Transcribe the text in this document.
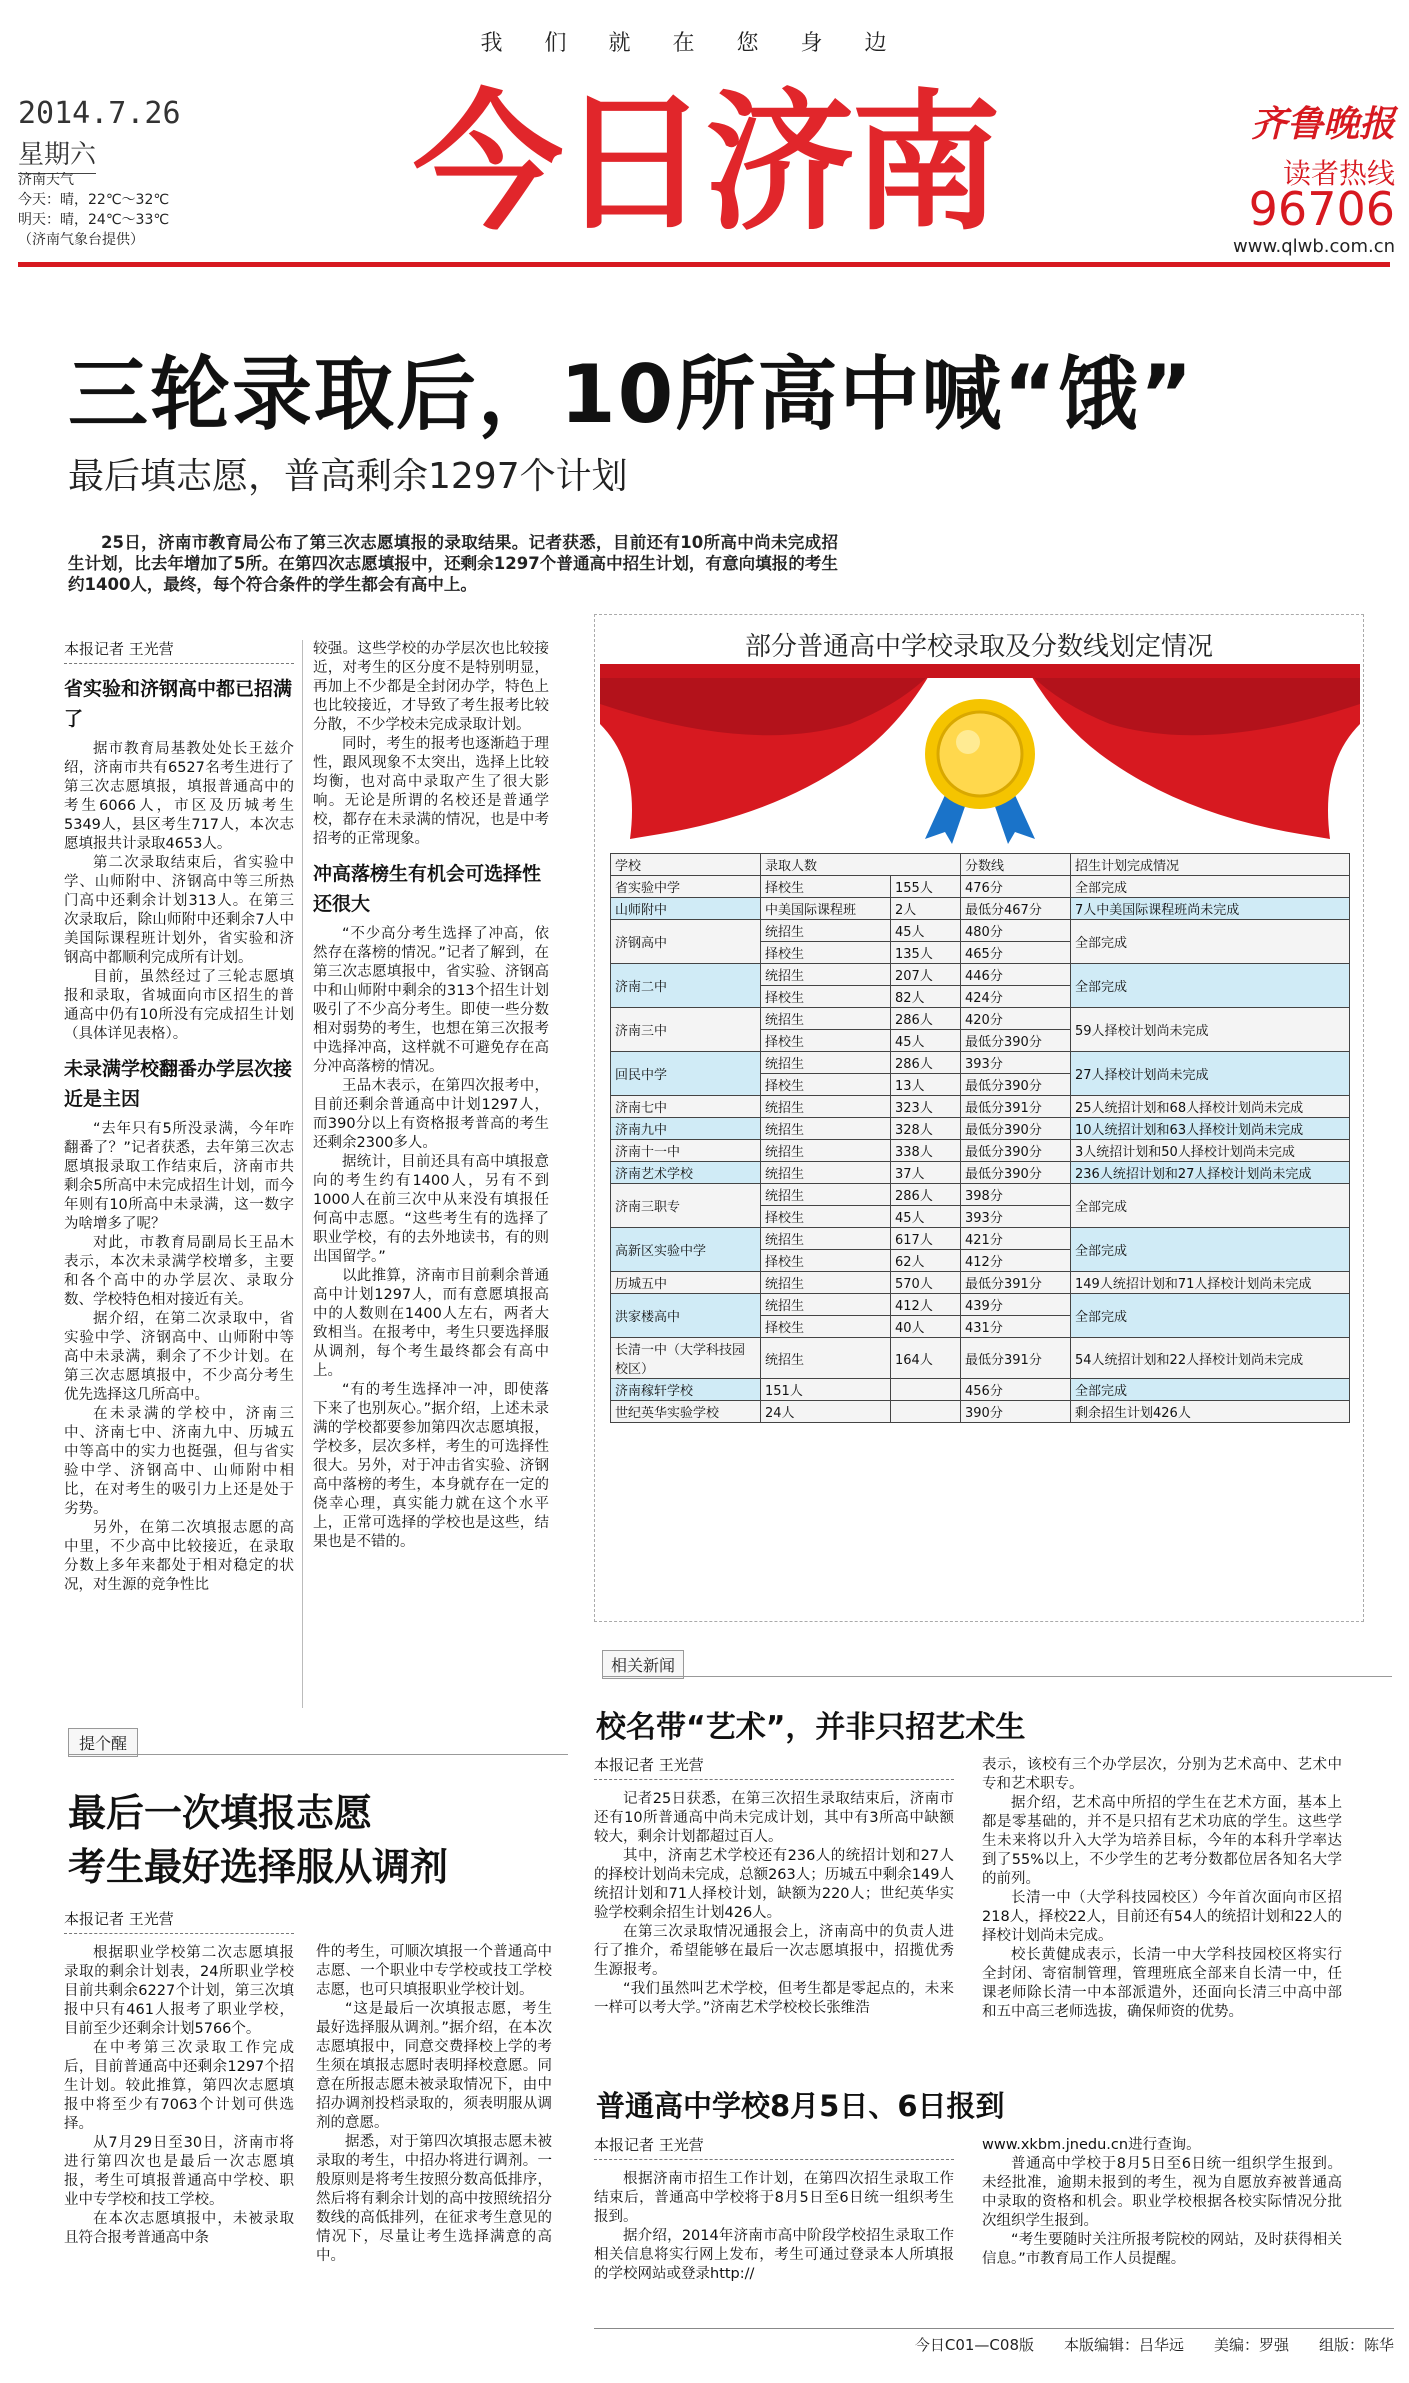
我们就在您身边
2014.7.26
星期六
济南天气
今天：晴，22℃～32℃
明天：晴，24℃～33℃
（济南气象台提供）	今日济南	齐鲁晚报
读者热线
96706
www.qlwb.com.cn
三轮录取后，10所高中喊“饿”
最后填志愿，普高剩余1297个计划

25日，济南市教育局公布了第三次志愿填报的录取结果。记者获悉，目前还有10所高中尚未完成招生计划，比去年增加了5所。在第四次志愿填报中，还剩余1297个普通高中招生计划，有意向填报的考生约1400人，最终，每个符合条件的学生都会有高中上。

本报记者 王光营
省实验和济钢高中都已招满了

据市教育局基教处处长王兹介绍，济南市共有6527名考生进行了第三次志愿填报，填报普通高中的考生6066人，市区及历城考生5349人，县区考生717人，本次志愿填报共计录取4653人。

第二次录取结束后，省实验中学、山师附中、济钢高中等三所热门高中还剩余计划313人。在第三次录取后，除山师附中还剩余7人中美国际课程班计划外，省实验和济钢高中都顺利完成所有计划。

目前，虽然经过了三轮志愿填报和录取，省城面向市区招生的普通高中仍有10所没有完成招生计划（具体详见表格）。

未录满学校翻番办学层次接近是主因

“去年只有5所没录满，今年咋翻番了？”记者获悉，去年第三次志愿填报录取工作结束后，济南市共剩余5所高中未完成招生计划，而今年则有10所高中未录满，这一数字为啥增多了呢？

对此，市教育局副局长王品木表示，本次未录满学校增多，主要和各个高中的办学层次、录取分数、学校特色相对接近有关。

据介绍，在第二次录取中，省实验中学、济钢高中、山师附中等高中未录满，剩余了不少计划。在第三次志愿填报中，不少高分考生优先选择这几所高中。

在未录满的学校中，济南三中、济南七中、济南九中、历城五中等高中的实力也挺强，但与省实验中学、济钢高中、山师附中相比，在对考生的吸引力上还是处于劣势。

另外，在第二次填报志愿的高中里，不少高中比较接近，在录取分数上多年来都处于相对稳定的状况，对生源的竞争性比

较强。这些学校的办学层次也比较接近，对考生的区分度不是特别明显，再加上不少都是全封闭办学，特色上也比较接近，才导致了考生报考比较分散，不少学校未完成录取计划。

同时，考生的报考也逐渐趋于理性，跟风现象不太突出，选择上比较均衡，也对高中录取产生了很大影响。无论是所谓的名校还是普通学校，都存在未录满的情况，也是中考招考的正常现象。

冲高落榜生有机会可选择性还很大

“不少高分考生选择了冲高，依然存在落榜的情况。”记者了解到，在第三次志愿填报中，省实验、济钢高中和山师附中剩余的313个招生计划吸引了不少高分考生。即使一些分数相对弱势的考生，也想在第三次报考中选择冲高，这样就不可避免存在高分冲高落榜的情况。

王品木表示，在第四次报考中，目前还剩余普通高中计划1297人，而390分以上有资格报考普高的考生还剩余2300多人。

据统计，目前还具有高中填报意向的考生约有1400人，另有不到1000人在前三次中从来没有填报任何高中志愿。“这些考生有的选择了职业学校，有的去外地读书，有的则出国留学。”

以此推算，济南市目前剩余普通高中计划1297人，而有意愿填报高中的人数则在1400人左右，两者大致相当。在报考中，考生只要选择服从调剂，每个考生最终都会有高中上。

“有的考生选择冲一冲，即使落下来了也别灰心。”据介绍，上述未录满的学校都要参加第四次志愿填报，学校多，层次多样，考生的可选择性很大。另外，对于冲击省实验、济钢高中落榜的考生，本身就存在一定的侥幸心理，真实能力就在这个水平上，正常可选择的学校也是这些，结果也是不错的。

部分普通高中学校录取及分数线划定情况
学校	录取人数		分数线	招生计划完成情况
省实验中学	择校生	155人	476分	全部完成
山师附中	中美国际课程班	2人	最低分467分	7人中美国际课程班尚未完成
济钢高中	统招生	45人	480分	全部完成
	择校生	135人	465分	
济南二中	统招生	207人	446分	全部完成
	择校生	82人	424分	
济南三中	统招生	286人	420分	59人择校计划尚未完成
	择校生	45人	最低分390分	
回民中学	统招生	286人	393分	27人择校计划尚未完成
	择校生	13人	最低分390分	
济南七中	统招生	323人	最低分391分	25人统招计划和68人择校计划尚未完成
济南九中	统招生	328人	最低分390分	10人统招计划和63人择校计划尚未完成
济南十一中	统招生	338人	最低分390分	3人统招计划和50人择校计划尚未完成
济南艺术学校	统招生	37人	最低分390分	236人统招计划和27人择校计划尚未完成
济南三职专	统招生	286人	398分	全部完成
	择校生	45人	393分	
高新区实验中学	统招生	617人	421分	全部完成
	择校生	62人	412分	
历城五中	统招生	570人	最低分391分	149人统招计划和71人择校计划尚未完成
洪家楼高中	统招生	412人	439分	全部完成
	择校生	40人	431分	
长清一中（大学科技园校区）	统招生	164人	最低分391分	54人统招计划和22人择校计划尚未完成
济南稼轩学校	151人		456分	全部完成
世纪英华实验学校	24人		390分	剩余招生计划426人
提个醒
最后一次填报志愿
考生最好选择服从调剂
本报记者 王光营

根据职业学校第二次志愿填报录取的剩余计划表，24所职业学校目前共剩余6227个计划，第三次填报中只有461人报考了职业学校，目前至少还剩余计划5766个。

在中考第三次录取工作完成后，目前普通高中还剩余1297个招生计划。较此推算，第四次志愿填报中将至少有7063个计划可供选择。

从7月29日至30日，济南市将进行第四次也是最后一次志愿填报，考生可填报普通高中学校、职业中专学校和技工学校。

在本次志愿填报中，未被录取且符合报考普通高中条

件的考生，可顺次填报一个普通高中志愿、一个职业中专学校或技工学校志愿，也可只填报职业学校计划。

“这是最后一次填报志愿，考生最好选择服从调剂。”据介绍，在本次志愿填报中，同意交费择校上学的考生须在填报志愿时表明择校意愿。同意在所报志愿未被录取情况下，由中招办调剂投档录取的，须表明服从调剂的意愿。

据悉，对于第四次填报志愿未被录取的考生，中招办将进行调剂。一般原则是将考生按照分数高低排序，然后将有剩余计划的高中按照统招分数线的高低排列，在征求考生意见的情况下，尽量让考生选择满意的高中。

相关新闻
校名带“艺术”，并非只招艺术生
本报记者 王光营

记者25日获悉，在第三次招生录取结束后，济南市还有10所普通高中尚未完成计划，其中有3所高中缺额较大，剩余计划都超过百人。

其中，济南艺术学校还有236人的统招计划和27人的择校计划尚未完成，总额263人；历城五中剩余149人统招计划和71人择校计划，缺额为220人；世纪英华实验学校剩余招生计划426人。

在第三次录取情况通报会上，济南高中的负责人进行了推介，希望能够在最后一次志愿填报中，招揽优秀生源报考。

“我们虽然叫艺术学校，但考生都是零起点的，未来一样可以考大学。”济南艺术学校校长张维浩

表示，该校有三个办学层次，分别为艺术高中、艺术中专和艺术职专。

据介绍，艺术高中所招的学生在艺术方面，基本上都是零基础的，并不是只招有艺术功底的学生。这些学生未来将以升入大学为培养目标，今年的本科升学率达到了55%以上，不少学生的艺考分数都位居各知名大学的前列。

长清一中（大学科技园校区）今年首次面向市区招218人，择校22人，目前还有54人的统招计划和22人的择校计划尚未完成。

校长黄健成表示，长清一中大学科技园校区将实行全封闭、寄宿制管理，管理班底全部来自长清一中，任课老师除长清一中本部派遣外，还面向长清三中高中部和五中高三老师选拔，确保师资的优势。

普通高中学校8月5日、6日报到
本报记者 王光营

根据济南市招生工作计划，在第四次招生录取工作结束后，普通高中学校将于8月5日至6日统一组织考生报到。

据介绍，2014年济南市高中阶段学校招生录取工作相关信息将实行网上发布，考生可通过登录本人所填报的学校网站或登录http://

www.xkbm.jnedu.cn进行查询。

普通高中学校于8月5日至6日统一组织学生报到。未经批准，逾期未报到的考生，视为自愿放弃被普通高中录取的资格和机会。职业学校根据各校实际情况分批次组织学生报到。

“考生要随时关注所报考院校的网站，及时获得相关信息。”市教育局工作人员提醒。

今日C01—C08版　　本版编辑：吕华远　　美编：罗强　　组版：陈华
